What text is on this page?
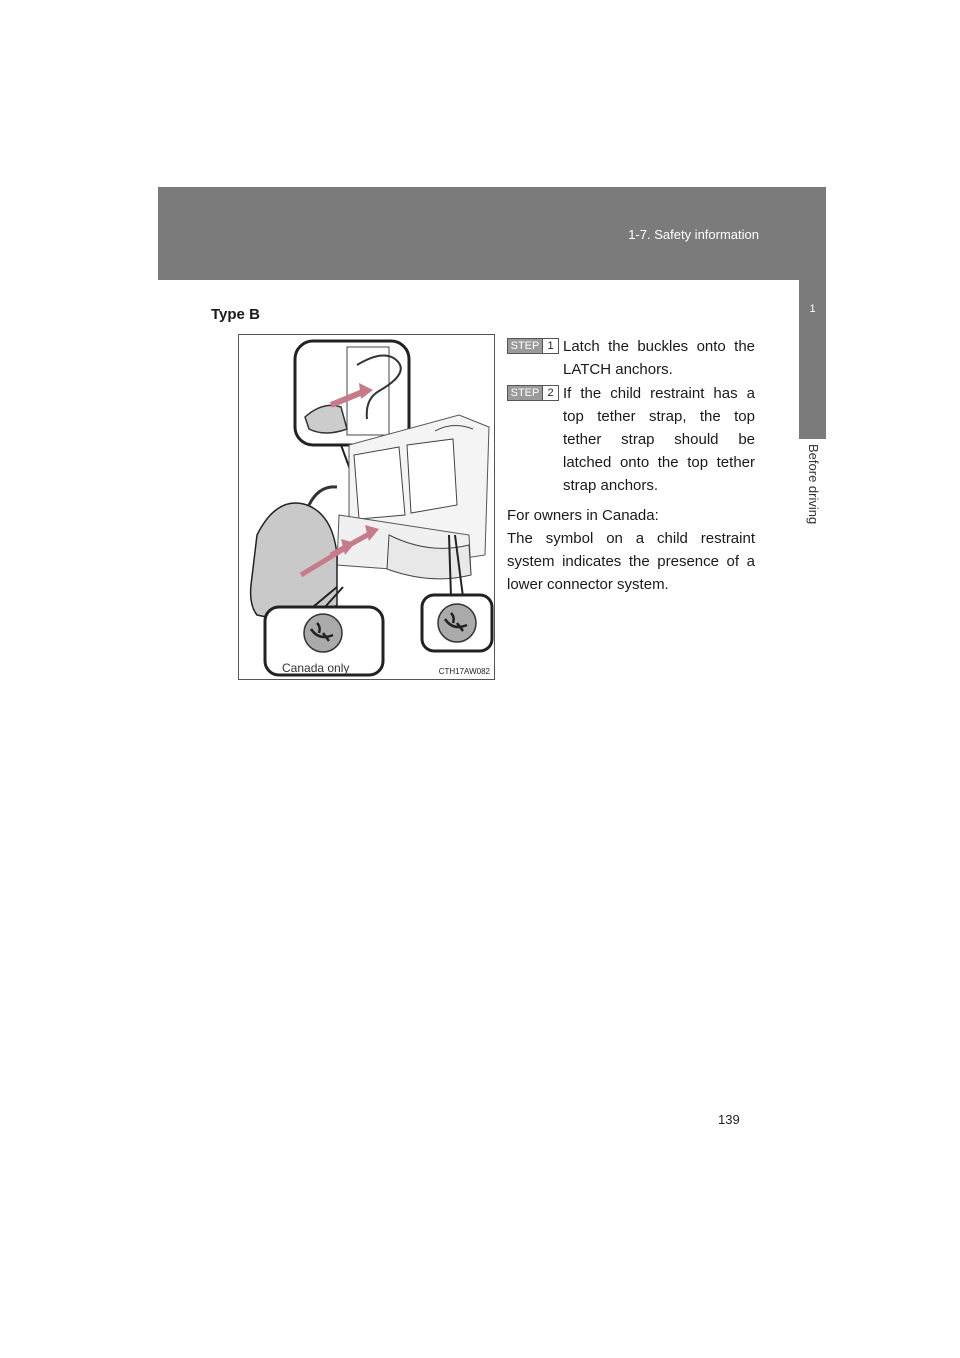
1-7. Safety information
1
Before driving
Type B
Canada only	CTH17AW082
STEP 1 Latch the buckles onto the LATCH anchors.
STEP 2 If the child restraint has a top tether strap, the top tether strap should be latched onto the top tether strap anchors.
For owners in Canada:
The symbol on a child restraint system indicates the presence of a lower connector system.
139
